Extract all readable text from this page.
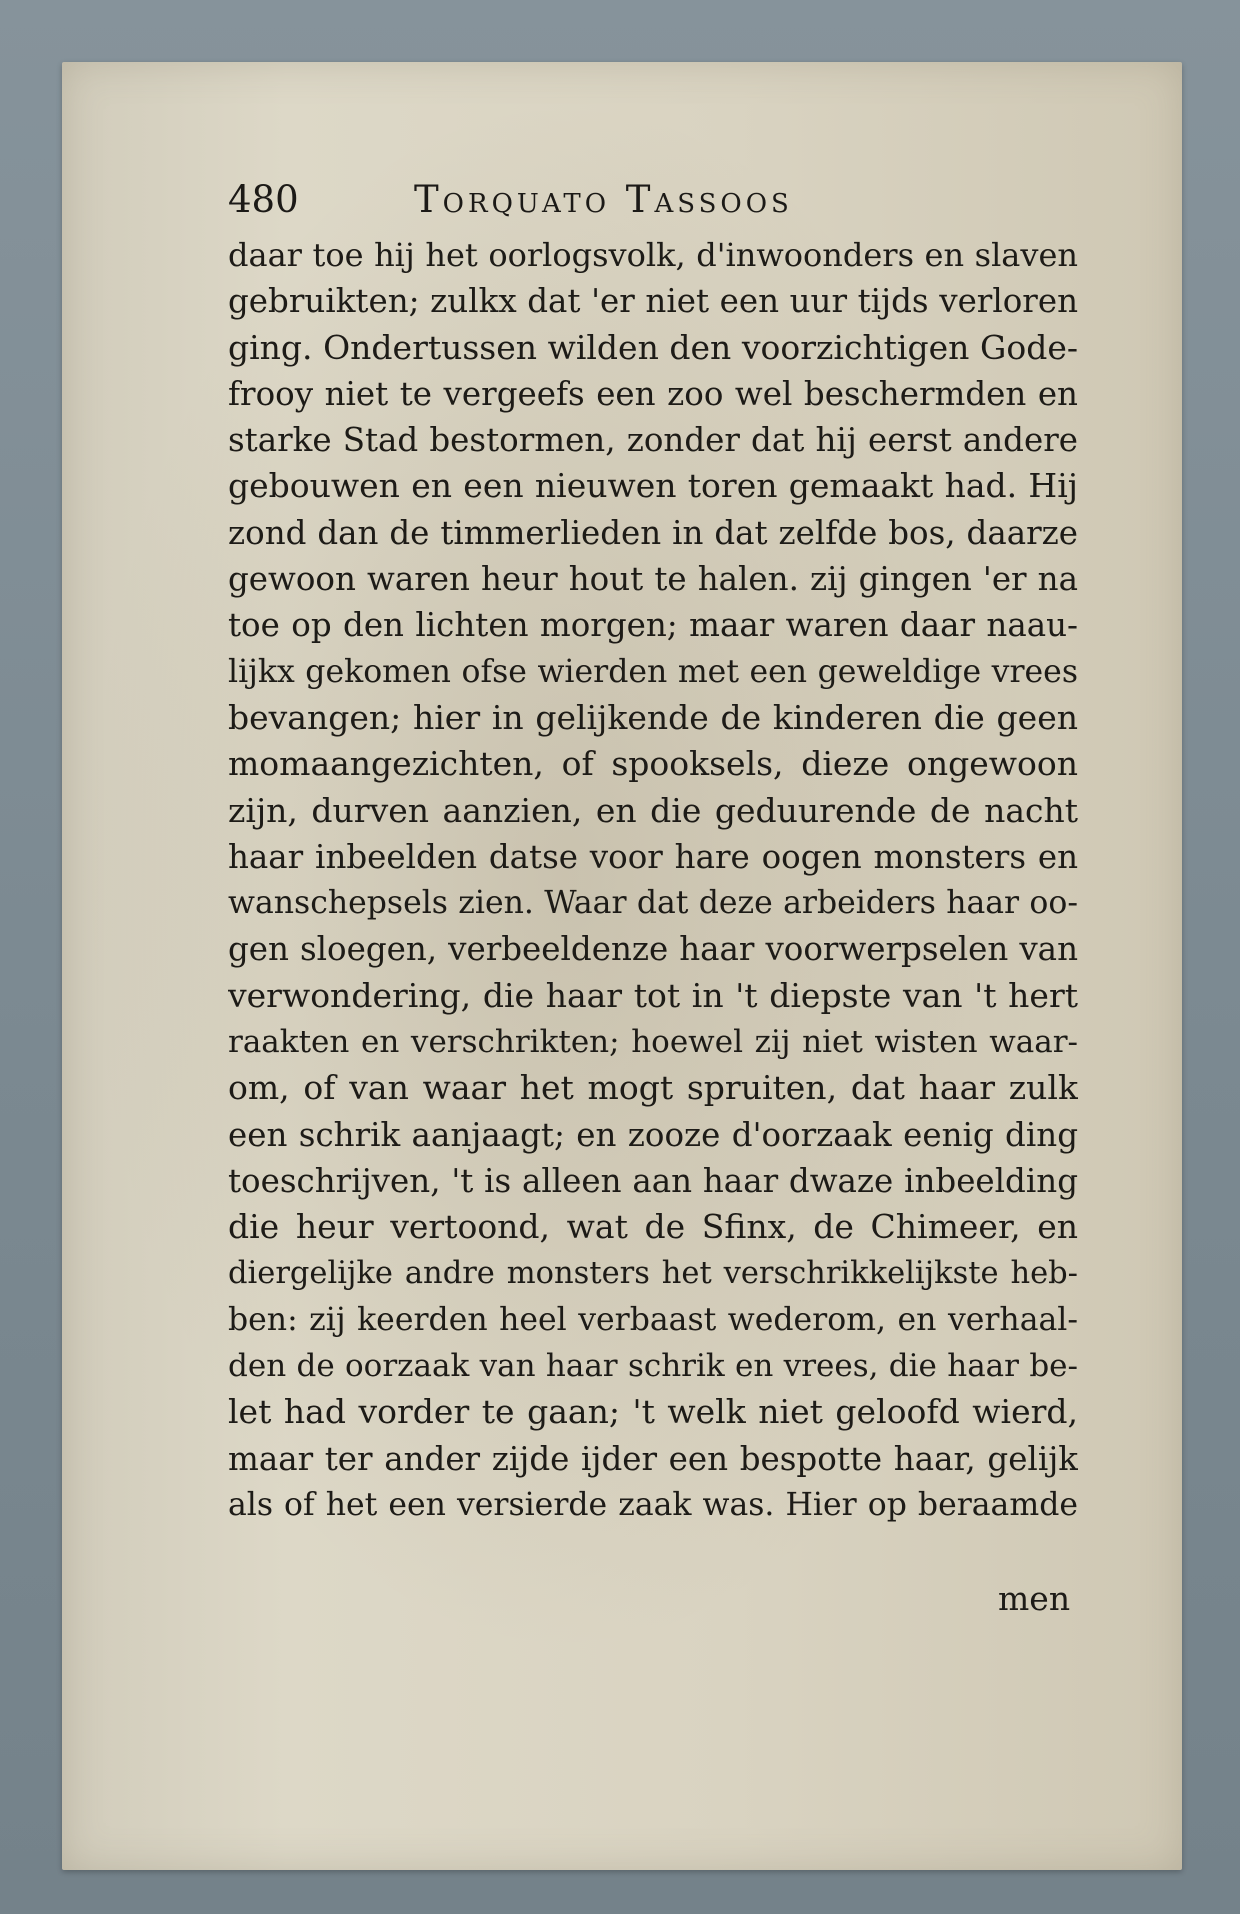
480	Torquato Tassoos
daar toe hij het oorlogsvolk, d'inwoonders en slaven
gebruikten; zulkx dat 'er niet een uur tijds verloren
ging. Ondertussen wilden den voorzichtigen Gode-
frooy niet te vergeefs een zoo wel beschermden en
starke Stad bestormen, zonder dat hij eerst andere
gebouwen en een nieuwen toren gemaakt had. Hij
zond dan de timmerlieden in dat zelfde bos, daarze
gewoon waren heur hout te halen. zij gingen 'er na
toe op den lichten morgen; maar waren daar naau-
lijkx gekomen ofse wierden met een geweldige vrees
bevangen; hier in gelijkende de kinderen die geen
momaangezichten, of spooksels, dieze ongewoon
zijn, durven aanzien, en die geduurende de nacht
haar inbeelden datse voor hare oogen monsters en
wanschepsels zien. Waar dat deze arbeiders haar oo-
gen sloegen, verbeeldenze haar voorwerpselen van
verwondering, die haar tot in 't diepste van 't hert
raakten en verschrikten; hoewel zij niet wisten waar-
om, of van waar het mogt spruiten, dat haar zulk
een schrik aanjaagt; en zooze d'oorzaak eenig ding
toeschrijven, 't is alleen aan haar dwaze inbeelding
die heur vertoond, wat de Sfinx, de Chimeer, en
diergelijke andre monsters het verschrikkelijkste heb-
ben: zij keerden heel verbaast wederom, en verhaal-
den de oorzaak van haar schrik en vrees, die haar be-
let had vorder te gaan; 't welk niet geloofd wierd,
maar ter ander zijde ijder een bespotte haar, gelijk
als of het een versierde zaak was. Hier op beraamde
men
